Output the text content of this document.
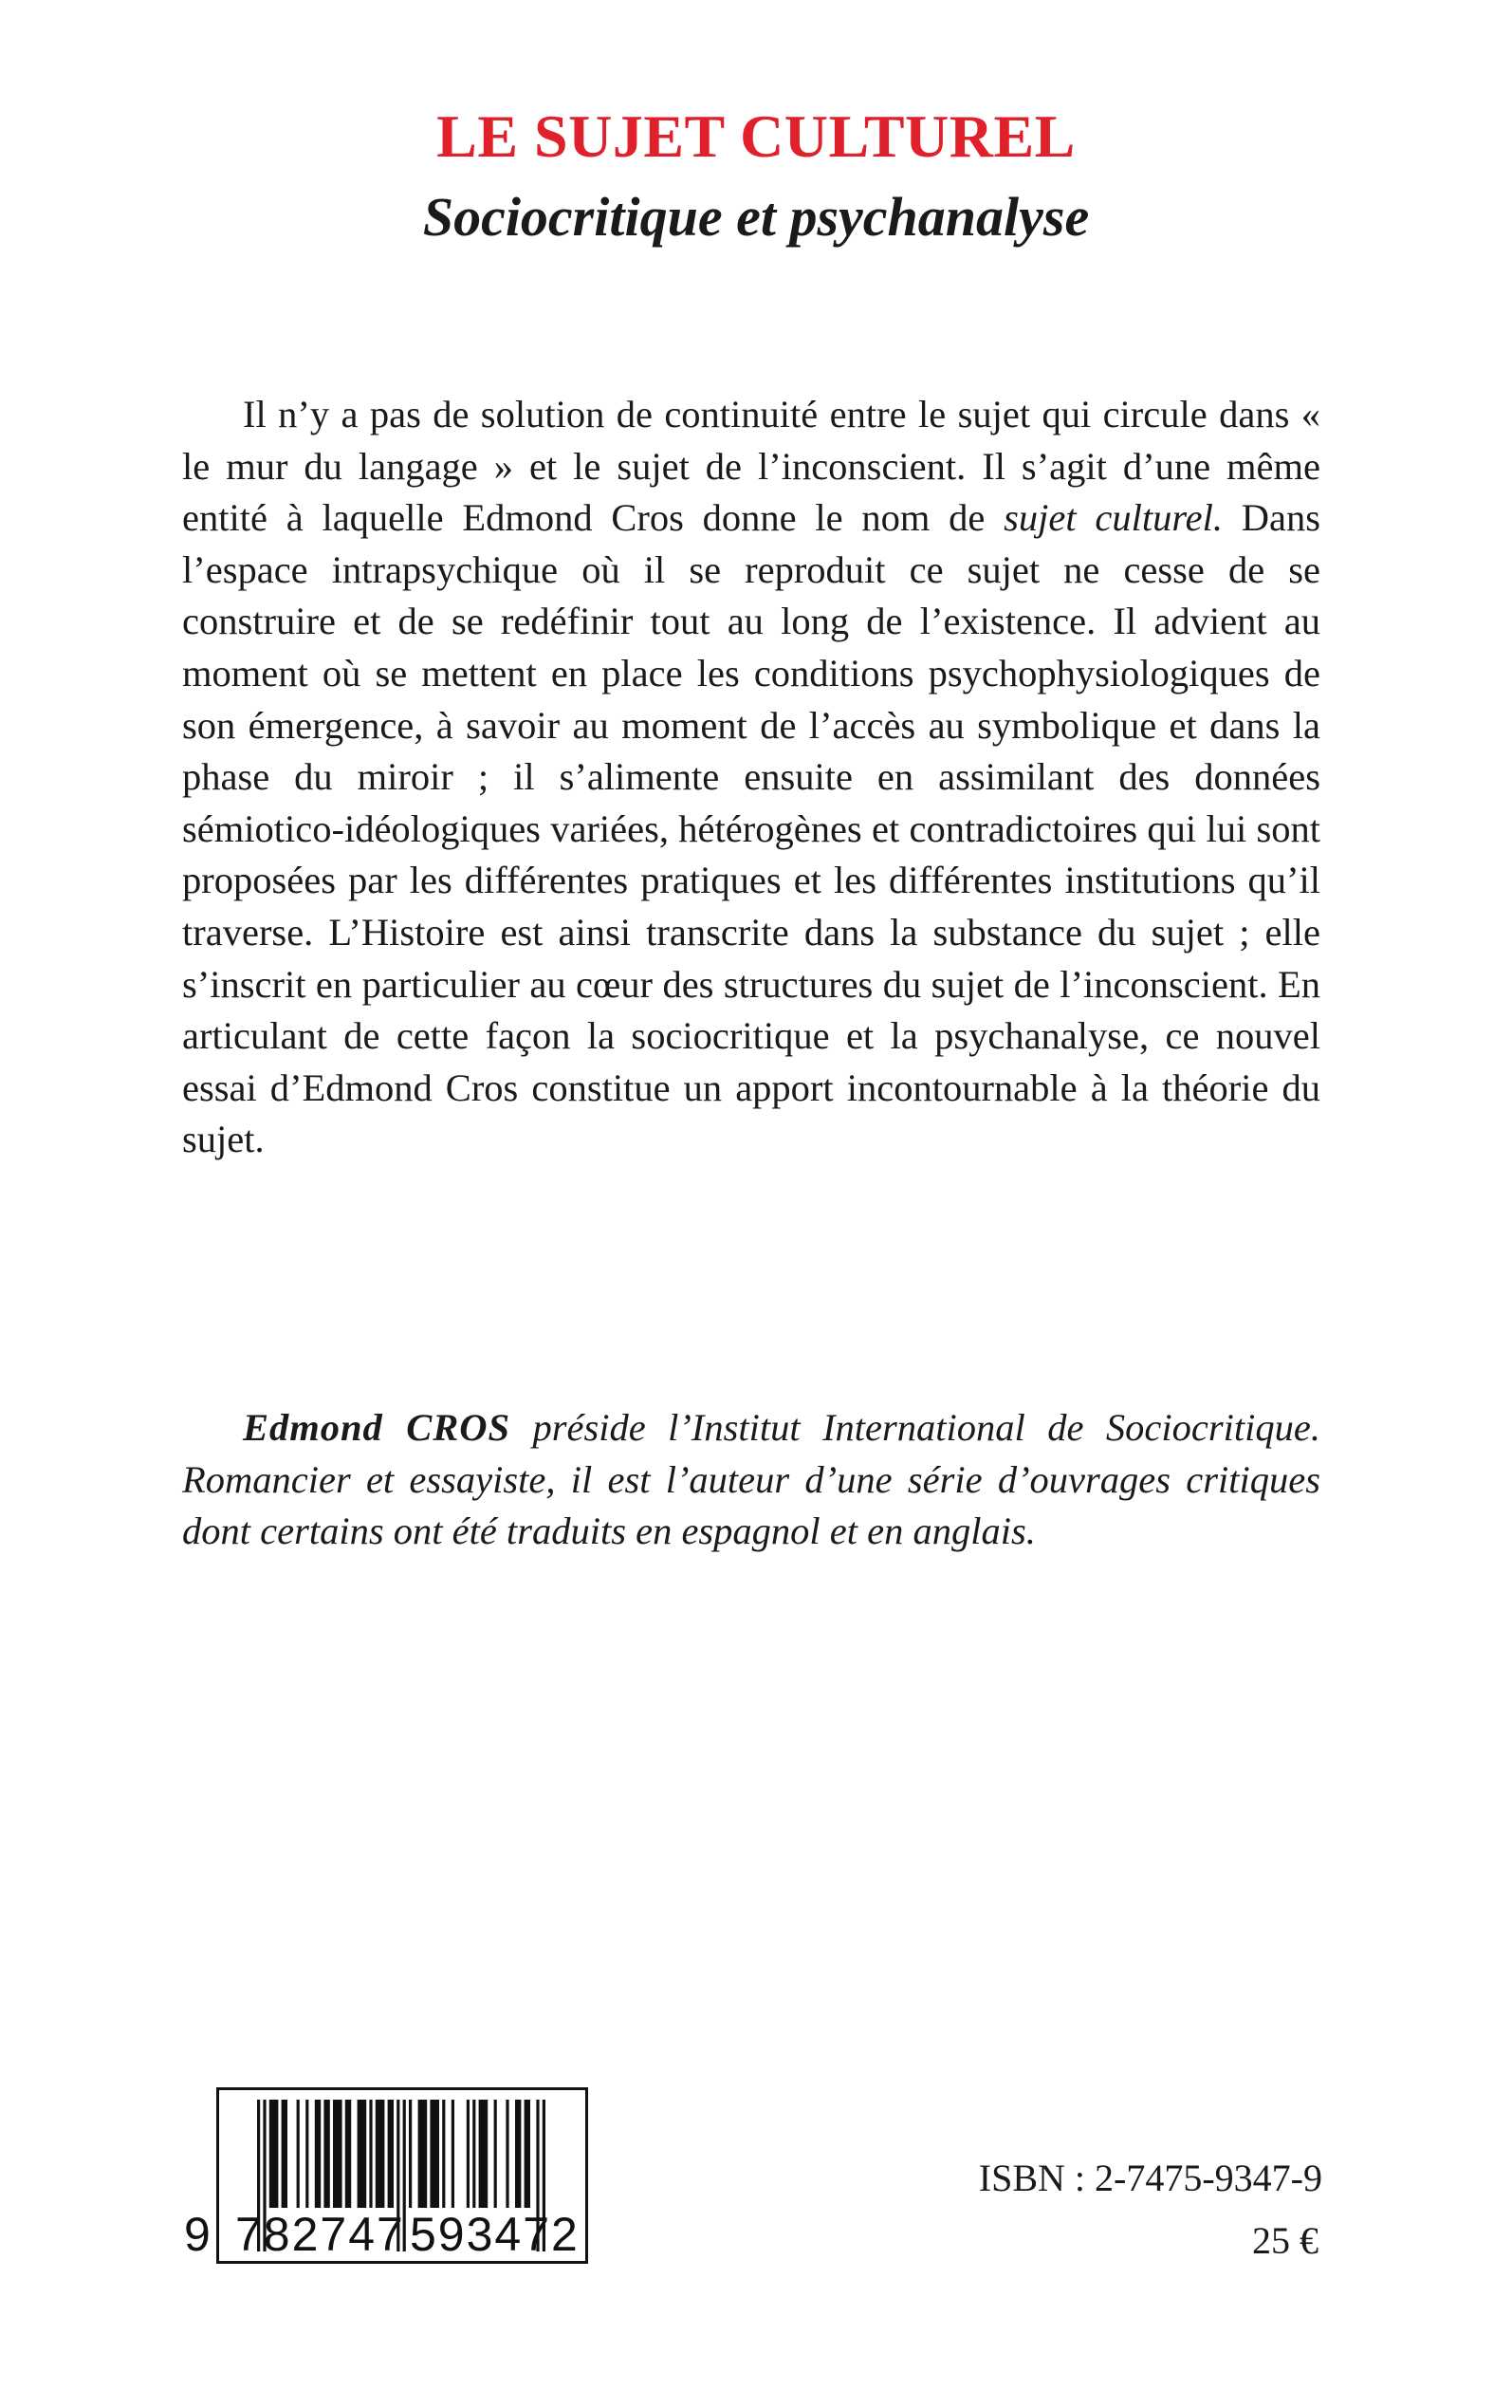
LE SUJET CULTUREL
Sociocritique et psychanalyse

Il n’y a pas de solution de continuité entre le sujet qui circule dans « le mur du langage » et le sujet de l’inconscient. Il s’agit d’une même entité à laquelle Edmond Cros donne le nom de sujet culturel. Dans l’espace intrapsychique où il se reproduit ce sujet ne cesse de se construire et de se redéfinir tout au long de l’existence. Il advient au moment où se mettent en place les conditions psychophysiologiques de son émergence, à savoir au moment de l’accès au symbolique et dans la phase du miroir ; il s’alimente ensuite en assimilant des données sémiotico-idéologiques variées, hétérogènes et contradictoires qui lui sont proposées par les différentes pratiques et les différentes institutions qu’il traverse. L’Histoire est ainsi transcrite dans la substance du sujet ; elle s’inscrit en particulier au cœur des structures du sujet de l’inconscient. En articulant de cette façon la sociocritique et la psychanalyse, ce nouvel essai d’Edmond Cros constitue un apport incontournable à la théorie du sujet.

Edmond CROS préside l’Institut International de Sociocritique. Romancier et essayiste, il est l’auteur d’une série d’ouvrages critiques dont certains ont été traduits en espagnol et en anglais.

9 782747 593472

ISBN : 2-7475-9347-9

25 €
